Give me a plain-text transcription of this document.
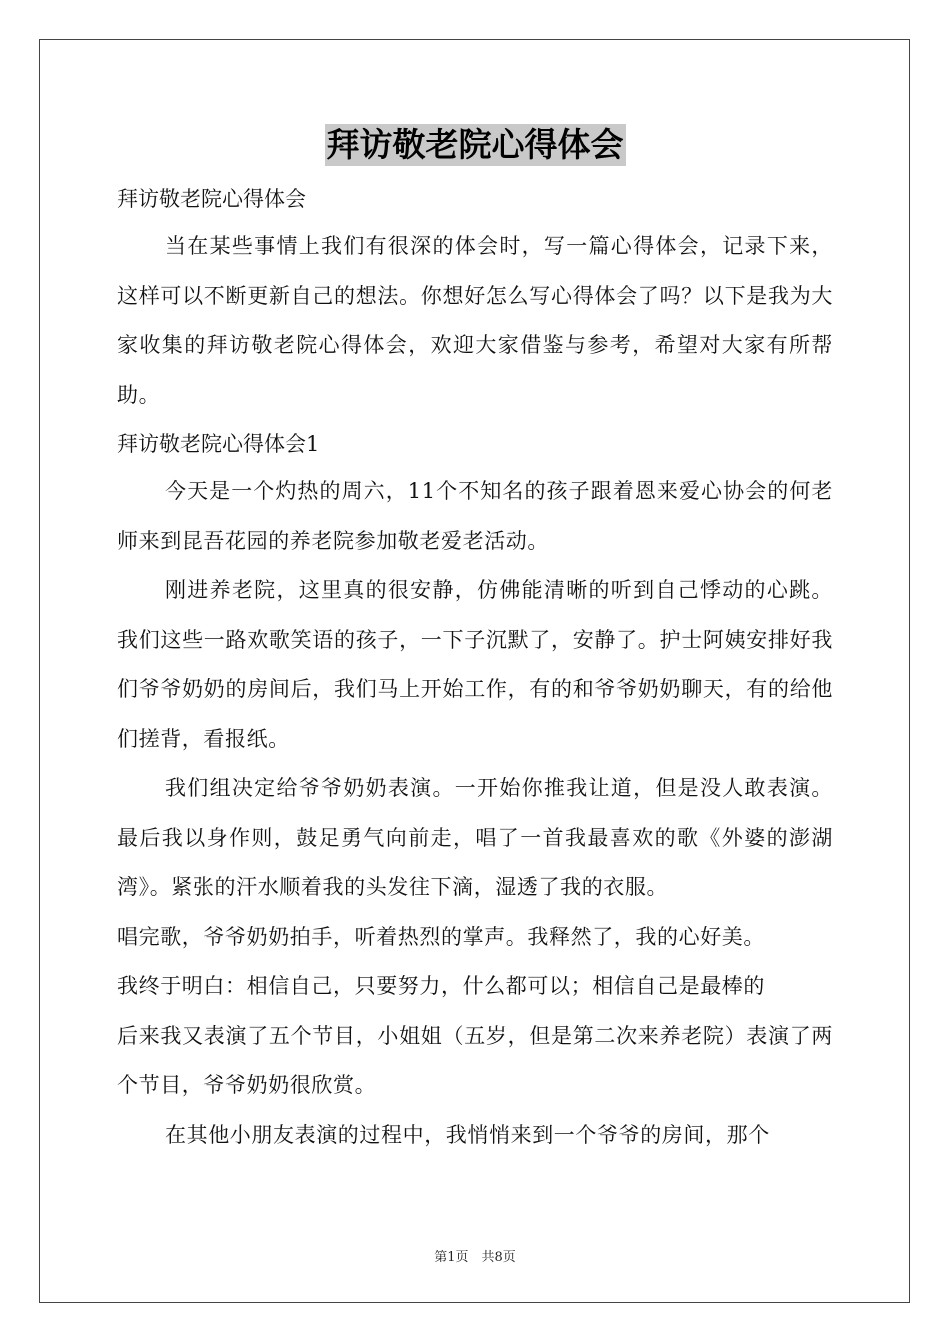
拜访敬老院心得体会

拜访敬老院心得体会

当在某些事情上我们有很深的体会时，写一篇心得体会，记录下来，这样可以不断更新自己的想法。你想好怎么写心得体会了吗？以下是我为大家收集的拜访敬老院心得体会，欢迎大家借鉴与参考，希望对大家有所帮助。

拜访敬老院心得体会1

今天是一个灼热的周六，11个不知名的孩子跟着恩来爱心协会的何老师来到昆吾花园的养老院参加敬老爱老活动。

刚进养老院，这里真的很安静，仿佛能清晰的听到自己悸动的心跳。我们这些一路欢歌笑语的孩子，一下子沉默了，安静了。护士阿姨安排好我们爷爷奶奶的房间后，我们马上开始工作，有的和爷爷奶奶聊天，有的给他们搓背，看报纸。

我们组决定给爷爷奶奶表演。一开始你推我让道，但是没人敢表演。最后我以身作则，鼓足勇气向前走，唱了一首我最喜欢的歌《外婆的澎湖湾》。紧张的汗水顺着我的头发往下滴，湿透了我的衣服。

唱完歌，爷爷奶奶拍手，听着热烈的掌声。我释然了，我的心好美。

我终于明白：相信自己，只要努力，什么都可以；相信自己是最棒的

后来我又表演了五个节目，小姐姐（五岁，但是第二次来养老院）表演了两个节目，爷爷奶奶很欣赏。

在其他小朋友表演的过程中，我悄悄来到一个爷爷的房间，那个

第1页　共8页
